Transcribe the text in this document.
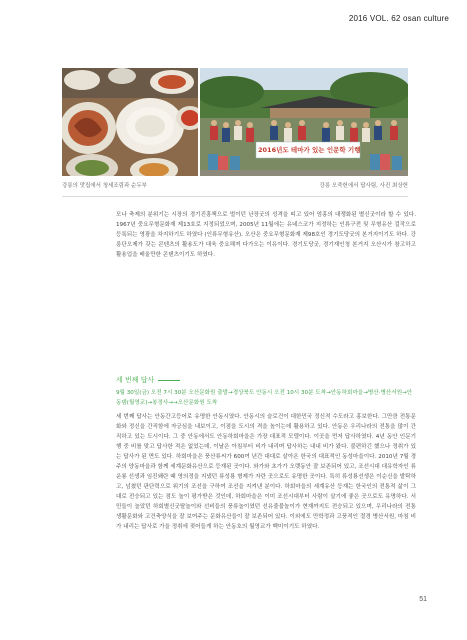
2016 VOL. 62 osan culture
2016년도 테마가 있는 인문학 기행
강릉의 맛집에서 청세조림과 순두부	강릉 오죽헌에서 답사팀, 사진 최상헌

모나 축제의 분위기는 시장의 경기진흥책으로 벌이던 난장굿의 성격을 띠고 있어 엄홍의 대쟁화된 별신굿이라 할 수 있다. 1967년 중요무형문화재 제13호로 지정되었으며, 2005년 11월에는 유네스코가 지정하는 인류구전 및 무형유산 걸작으로 등록되는 영광을 차지하기도 하였다 (인류무형유산). 오산은 중요무형문화재 제98호인 경기도당굿의 본거지이기도 하다. 강릉단오제가 갖는 콘텐츠의 활용도가 대욱 중요해져 다가오는 이유이다. 경기도당굿, 경기재인청 본거지 오산시가 참고하고 활용업을 배울만한 콘텐츠이기도 하였다.

세 번째 답사
9월 30일(금) 오전 7시 30분 오산문화원 출발→경상북도 안동시 오전 10시 30분 도착→안동하회마을→병산·병산서원→안동댐(월영교)→봉정사→→오산문화원 도착

세 번째 답사는 안동간고등어로 유명한 안동시였다. 안동시의 슬로건이 대한민국 정신적 수도라고 홍보한다. 그만큼 전통문화와 정신을 간직함에 자긍심을 내보이고, 이점을 도시의 격을 높이는데 활용하고 있다. 안동은 우리나라의 전통을 많이 간직하고 있는 도시이다. 그 중 안동에서도 안동하회마을은 가장 대표적 모델이다. 이곳을 먼저 답사하였다. 4년 동안 인문기행 중 비를 맞고 답사한 적은 없었는데, 이날은 아침부터 비가 내리며 답사하는 내내 비가 왔다. 불편하긴 했으나 정취가 있는 답사가 된 면도 있다. 하회마을은 풍산류씨가 600여 년간 대대로 살아온 한국의 대표적인 동성마을이다. 2010년 7월 경주의 양동마을과 함께 세계문화유산으로 등재된 곳이다. 와가와 초가가 오랫동안 잘 보존되어 있고, 조선시대 대유학자인 류운룡 선생과 임진왜란 때 영의정을 지냈던 류성룡 형제가 자란 곳으로도 유명한 곳이다. 특히 류성룡선생은 이순신을 발탁하고, 넘쳤던 판단력으로 위기의 조선을 구하여 조선을 지켜낸 분이다. 하회마을의 세계유산 등재는 한국인의 전통적 삶이 그대로 전승되고 있는 점도 높이 평가받은 것인데, 하회마을은 이미 조선시대부터 사람이 살기에 좋은 곳으로도 유명하다. 서민들이 놀았던 하회별신굿탈놀이와 선비들의 풍류놀이였던 선유줄불놀이가 현재까지도 전승되고 있으며, 우리나라의 전통생활문화와 고건축양식을 잘 보여주는 문화유산들이 잘 보존되어 있다. 이외에도 만학정과 고풍적인 절경 병산서원, 마침 비가 내리는 답사로 가을 정취에 젖어들게 하는 안동호의 월영교가 백미이기도 하였다.

51
